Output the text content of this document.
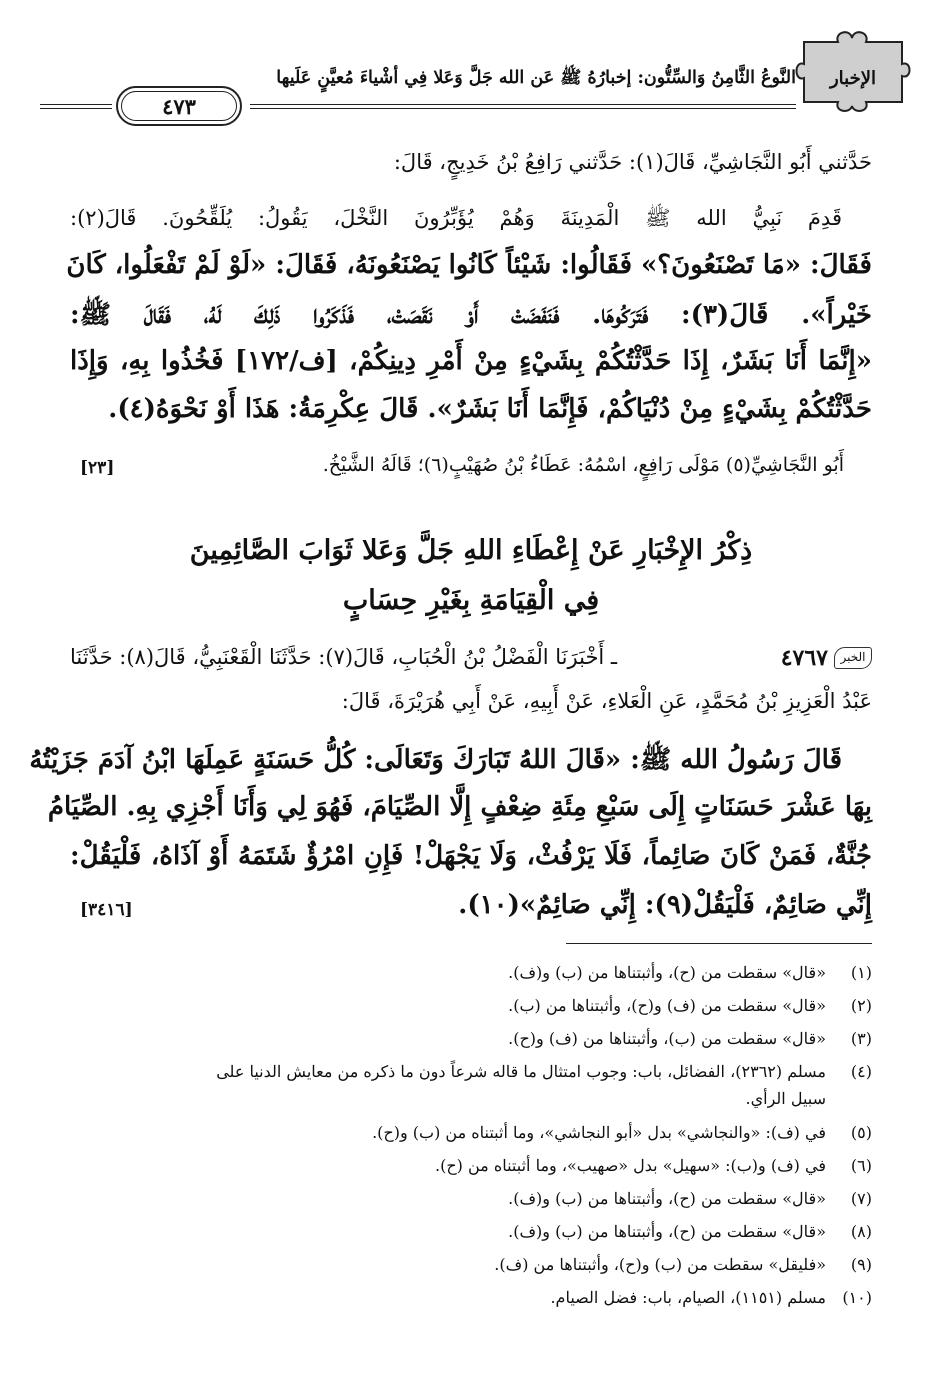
الإخبار
النَّوعُ الثَّامِنُ وَالسِّتُّون: إخبارُهُ ﷺ عَن الله جَلَّ وَعَلا فِي أشْياءَ مُعيَّنٍ عَلَيها
٤٧٣
حَدَّثني أَبُو النَّجَاشِيِّ، قَالَ(١): حَدَّثني رَافِعُ بْنُ خَدِيجٍ، قَالَ:
قَدِمَ نَبِيُّ الله ﷺ الْمَدِينَةَ وَهُمْ يُؤَبِّرُونَ النَّخْلَ، يَقُولُ: يُلَقِّحُونَ. قَالَ(٢):
فَقَالَ: «مَا تَصْنَعُونَ؟» فَقَالُوا: شَيْئاً كَانُوا يَصْنَعُونَهُ، فَقَالَ: «لَوْ لَمْ تَفْعَلُوا، كَانَ
خَيْراً». قَالَ(٣): فَتَرَكُوهَا. فَنَفَضَتْ أَوْ نَقَصَتْ، فَذَكَرُوا ذَلِكَ لَهُ، فَقَالَ ﷺ:
«إِنَّمَا أَنَا بَشَرٌ، إِذَا حَدَّثْتُكُمْ بِشَيْءٍ مِنْ أَمْرِ دِينِكُمْ، [ف/١٧٢] فَخُذُوا بِهِ، وَإِذَا
حَدَّثْتُكُمْ بِشَيْءٍ مِنْ دُنْيَاكُمْ، فَإِنَّمَا أَنَا بَشَرٌ». قَالَ عِكْرِمَةُ: هَذَا أَوْ نَحْوَهُ(٤).
أَبُو النَّجَاشِيِّ(٥) مَوْلَى رَافِعٍ، اسْمُهُ: عَطَاءُ بْنُ صُهَيْبٍ(٦)؛ قَالَهُ الشَّيْخُ.
[٢٣]
ذِكْرُ الإِخْبَارِ عَنْ إِعْطَاءِ اللهِ جَلَّ وَعَلا ثَوَابَ الصَّائِمِينَ
فِي الْقِيَامَةِ بِغَيْرِ حِسَابٍ
الخبر
٤٧٦٧
ـ أَخْبَرَنَا الْفَضْلُ بْنُ الْحُبَابِ، قَالَ(٧): حَدَّثَنَا الْقَعْنَبِيُّ، قَالَ(٨): حَدَّثَنَا
عَبْدُ الْعَزِيزِ بْنُ مُحَمَّدٍ، عَنِ الْعَلاءِ، عَنْ أَبِيهِ، عَنْ أَبِي هُرَيْرَةَ، قَالَ:
قَالَ رَسُولُ الله ﷺ: «قَالَ اللهُ تَبَارَكَ وَتَعَالَى: كُلُّ حَسَنَةٍ عَمِلَهَا ابْنُ آدَمَ جَزَيْتُهُ
بِهَا عَشْرَ حَسَنَاتٍ إِلَى سَبْعِ مِئَةِ ضِعْفٍ إِلَّا الصِّيَامَ، فَهُوَ لِي وَأَنَا أَجْزِي بِهِ. الصِّيَامُ
جُنَّةٌ، فَمَنْ كَانَ صَائِماً، فَلَا يَرْفُثْ، وَلَا يَجْهَلْ! فَإِنِ امْرُؤٌ شَتَمَهُ أَوْ آذَاهُ، فَلْيَقُلْ:
إِنِّي صَائِمٌ، فَلْيَقُلْ(٩): إِنِّي صَائِمٌ»(١٠).
[٣٤١٦]
(١)«قال» سقطت من (ح)، وأثبتناها من (ب) و(ف).
(٢)«قال» سقطت من (ف) و(ح)، وأثبتناها من (ب).
(٣)«قال» سقطت من (ب)، وأثبتناها من (ف) و(ح).
(٤)مسلم (٢٣٦٢)، الفضائل، باب: وجوب امتثال ما قاله شرعاً دون ما ذكره من معايش الدنيا على
سبيل الرأي.
(٥)في (ف): «والنجاشي» بدل «أبو النجاشي»، وما أثبتناه من (ب) و(ح).
(٦)في (ف) و(ب): «سهيل» بدل «صهيب»، وما أثبتناه من (ح).
(٧)«قال» سقطت من (ح)، وأثبتناها من (ب) و(ف).
(٨)«قال» سقطت من (ح)، وأثبتناها من (ب) و(ف).
(٩)«فليقل» سقطت من (ب) و(ح)، وأثبتناها من (ف).
(١٠)مسلم (١١٥١)، الصيام، باب: فضل الصيام.
